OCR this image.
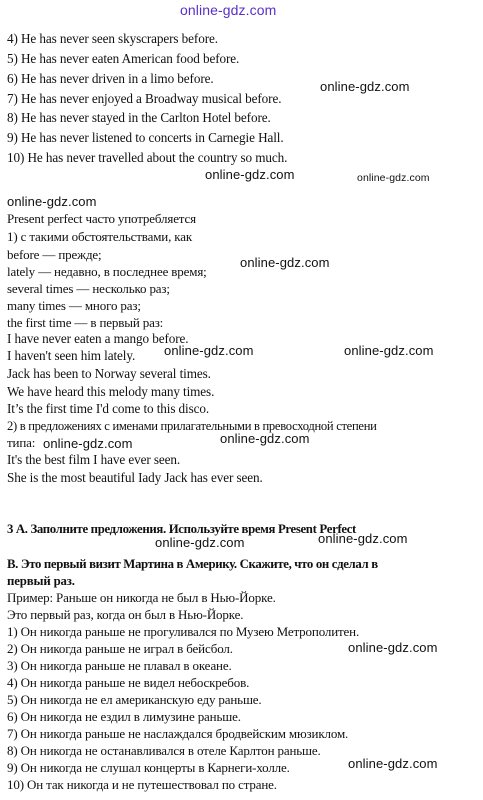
online-gdz.com
online-gdz.com
online-gdz.com	online-gdz.com
online-gdz.com
online-gdz.com
online-gdz.com	online-gdz.com
online-gdz.com	online-gdz.com
online-gdz.com	online-gdz.com
online-gdz.com
online-gdz.com
4) He has never seen skyscrapers before.
5) He has never eaten American food before.
6) He has never driven in a limo before.
7) He has never enjoyed a Broadway musical before.
8) He has never stayed in the Carlton Hotel before.
9) He has never listened to concerts in Carnegie Hall.
10) He has never travelled about the country so much.
Present perfect часто употребляется
1) с такими обстоятельствами, как
before — прежде;
lately — недавно, в последнее время;
several times — несколько раз;
many times — много раз;
the first time — в первый раз:
I have never eaten a mango before.
I haven't seen him lately.
Jack has been to Norway several times.
We have heard this melody many times.
It’s the first time I'd come to this disco.
2) в предложениях с именами прилагательными в превосходной степени
типа:
It's the best film I have ever seen.
She is the most beautiful Iady Jack has ever seen.
3 А. Заполните предложения. Используйте время Present Perfect
В. Это первый визит Мартина в Америку. Скажите, что он сделал в
первый раз.
Пример: Раньше он никогда не был в Нью-Йорке.
Это первый раз, когда он был в Нью-Йорке.
1) Он никогда раньше не прогуливался по Музею Метрополитен.
2) Он никогда раньше не играл в бейсбол.
3) Он никогда раньше не плавал в океане.
4) Он никогда раньше не видел небоскребов.
5) Он никогда не ел американскую еду раньше.
6) Он никогда не ездил в лимузине раньше.
7) Он никогда раньше не наслаждался бродвейским мюзиклом.
8) Он никогда не останавливался в отеле Карлтон раньше.
9) Он никогда не слушал концерты в Карнеги-холле.
10) Он так никогда и не путешествовал по стране.
